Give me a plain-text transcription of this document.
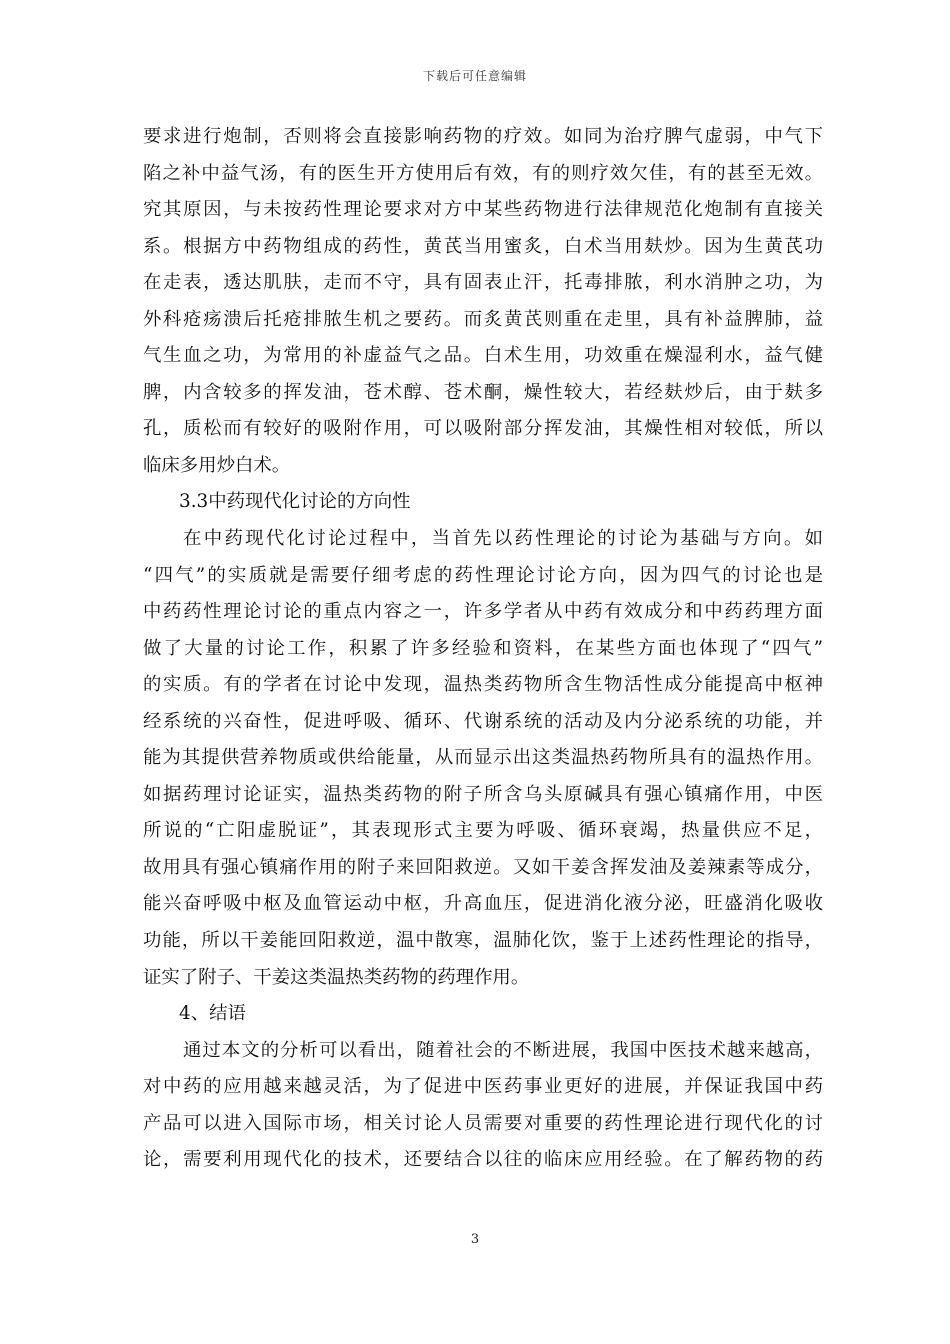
下载后可任意编辑
要求进行炮制，否则将会直接影响药物的疗效。如同为治疗脾气虚弱，中气下
陷之补中益气汤，有的医生开方使用后有效，有的则疗效欠佳，有的甚至无效。
究其原因，与未按药性理论要求对方中某些药物进行法律规范化炮制有直接关
系。根据方中药物组成的药性，黄芪当用蜜炙，白术当用麸炒。因为生黄芪功
在走表，透达肌肤，走而不守，具有固表止汗，托毒排脓，利水消肿之功，为
外科疮疡溃后托疮排脓生机之要药。而炙黄芪则重在走里，具有补益脾肺，益
气生血之功，为常用的补虚益气之品。白术生用，功效重在燥湿利水，益气健
脾，内含较多的挥发油，苍术醇、苍术酮，燥性较大，若经麸炒后，由于麸多
孔，质松而有较好的吸附作用，可以吸附部分挥发油，其燥性相对较低，所以
临床多用炒白术。
3.3中药现代化讨论的方向性
在中药现代化讨论过程中，当首先以药性理论的讨论为基础与方向。如
“四气”的实质就是需要仔细考虑的药性理论讨论方向，因为四气的讨论也是
中药药性理论讨论的重点内容之一，许多学者从中药有效成分和中药药理方面
做了大量的讨论工作，积累了许多经验和资料，在某些方面也体现了“四气”
的实质。有的学者在讨论中发现，温热类药物所含生物活性成分能提高中枢神
经系统的兴奋性，促进呼吸、循环、代谢系统的活动及内分泌系统的功能，并
能为其提供营养物质或供给能量，从而显示出这类温热药物所具有的温热作用。
如据药理讨论证实，温热类药物的附子所含乌头原碱具有强心镇痛作用，中医
所说的“亡阳虚脱证”，其表现形式主要为呼吸、循环衰竭，热量供应不足，
故用具有强心镇痛作用的附子来回阳救逆。又如干姜含挥发油及姜辣素等成分，
能兴奋呼吸中枢及血管运动中枢，升高血压，促进消化液分泌，旺盛消化吸收
功能，所以干姜能回阳救逆，温中散寒，温肺化饮，鉴于上述药性理论的指导，
证实了附子、干姜这类温热类药物的药理作用。
4、结语
通过本文的分析可以看出，随着社会的不断进展，我国中医技术越来越高，
对中药的应用越来越灵活，为了促进中医药事业更好的进展，并保证我国中药
产品可以进入国际市场，相关讨论人员需要对重要的药性理论进行现代化的讨
论，需要利用现代化的技术，还要结合以往的临床应用经验。在了解药物的药
3
